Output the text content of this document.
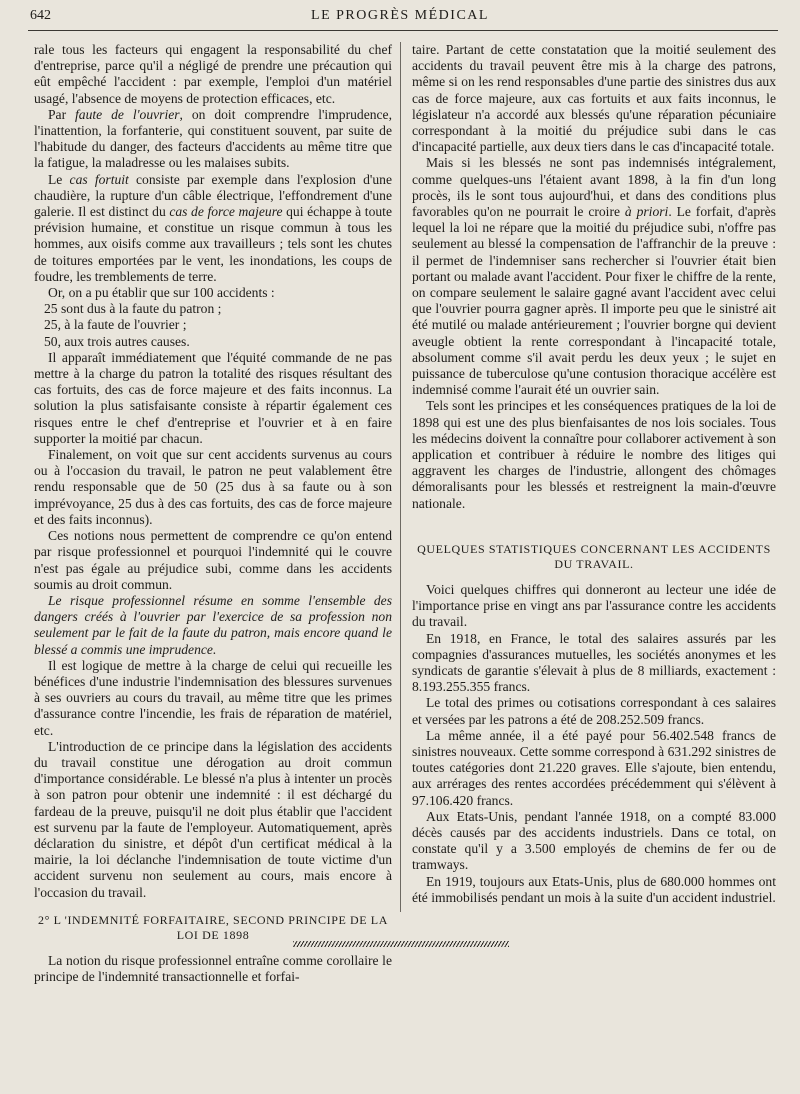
642	LE PROGRÈS MÉDICAL

rale tous les facteurs qui engagent la responsabilité du chef d'entreprise, parce qu'il a négligé de prendre une précaution qui eût empêché l'accident : par exemple, l'emploi d'un matériel usagé, l'absence de moyens de protection efficaces, etc.

Par faute de l'ouvrier, on doit comprendre l'imprudence, l'inattention, la forfanterie, qui constituent souvent, par suite de l'habitude du danger, des facteurs d'accidents au même titre que la fatigue, la maladresse ou les malaises subits.

Le cas fortuit consiste par exemple dans l'explosion d'une chaudière, la rupture d'un câble électrique, l'effondrement d'une galerie. Il est distinct du cas de force majeure qui échappe à toute prévision humaine, et constitue un risque commun à tous les hommes, aux oisifs comme aux travailleurs ; tels sont les chutes de toitures emportées par le vent, les inondations, les coups de foudre, les tremblements de terre.

Or, on a pu établir que sur 100 accidents :

25 sont dus à la faute du patron ;

25, à la faute de l'ouvrier ;

50, aux trois autres causes.

Il apparaît immédiatement que l'équité commande de ne pas mettre à la charge du patron la totalité des risques résultant des cas fortuits, des cas de force majeure et des faits inconnus. La solution la plus satisfaisante consiste à répartir également ces risques entre le chef d'entreprise et l'ouvrier et à en faire supporter la moitié par chacun.

Finalement, on voit que sur cent accidents survenus au cours ou à l'occasion du travail, le patron ne peut valablement être rendu responsable que de 50 (25 dus à sa faute ou à son imprévoyance, 25 dus à des cas fortuits, des cas de force majeure et des faits inconnus).

Ces notions nous permettent de comprendre ce qu'on entend par risque professionnel et pourquoi l'indemnité qui le couvre n'est pas égale au préjudice subi, comme dans les accidents soumis au droit commun.

Le risque professionnel résume en somme l'ensemble des dangers créés à l'ouvrier par l'exercice de sa profession non seulement par le fait de la faute du patron, mais encore quand le blessé a commis une imprudence.

Il est logique de mettre à la charge de celui qui recueille les bénéfices d'une industrie l'indemnisation des blessures survenues à ses ouvriers au cours du travail, au même titre que les primes d'assurance contre l'incendie, les frais de réparation de matériel, etc.

L'introduction de ce principe dans la législation des accidents du travail constitue une dérogation au droit commun d'importance considérable. Le blessé n'a plus à intenter un procès à son patron pour obtenir une indemnité : il est déchargé du fardeau de la preuve, puisqu'il ne doit plus établir que l'accident est survenu par la faute de l'employeur. Automatiquement, après déclaration du sinistre, et dépôt d'un certificat médical à la mairie, la loi déclanche l'indemnisation de toute victime d'un accident survenu non seulement au cours, mais encore à l'occasion du travail.

2° L 'INDEMNITÉ FORFAITAIRE, SECOND PRINCIPE DE LA LOI DE 1898

La notion du risque professionnel entraîne comme corollaire le principe de l'indemnité transactionnelle et forfai-

taire. Partant de cette constatation que la moitié seulement des accidents du travail peuvent être mis à la charge des patrons, même si on les rend responsables d'une partie des sinistres dus aux cas de force majeure, aux cas fortuits et aux faits inconnus, le législateur n'a accordé aux blessés qu'une réparation pécuniaire correspondant à la moitié du préjudice subi dans le cas d'incapacité partielle, aux deux tiers dans le cas d'incapacité totale.

Mais si les blessés ne sont pas indemnisés intégralement, comme quelques-uns l'étaient avant 1898, à la fin d'un long procès, ils le sont tous aujourd'hui, et dans des conditions plus favorables qu'on ne pourrait le croire à priori. Le forfait, d'après lequel la loi ne répare que la moitié du préjudice subi, n'offre pas seulement au blessé la compensation de l'affranchir de la preuve : il permet de l'indemniser sans rechercher si l'ouvrier était bien portant ou malade avant l'accident. Pour fixer le chiffre de la rente, on compare seulement le salaire gagné avant l'accident avec celui que l'ouvrier pourra gagner après. Il importe peu que le sinistré ait été mutilé ou malade antérieurement ; l'ouvrier borgne qui devient aveugle obtient la rente correspondant à l'incapacité totale, absolument comme s'il avait perdu les deux yeux ; le sujet en puissance de tuberculose qu'une contusion thoracique accélère est indemnisé comme l'aurait été un ouvrier sain.

Tels sont les principes et les conséquences pratiques de la loi de 1898 qui est une des plus bienfaisantes de nos lois sociales. Tous les médecins doivent la connaître pour collaborer activement à son application et contribuer à réduire le nombre des litiges qui aggravent les charges de l'industrie, allongent des chômages démoralisants pour les blessés et restreignent la main-d'œuvre nationale.

QUELQUES STATISTIQUES CONCERNANT LES ACCIDENTS DU TRAVAIL.

Voici quelques chiffres qui donneront au lecteur une idée de l'importance prise en vingt ans par l'assurance contre les accidents du travail.

En 1918, en France, le total des salaires assurés par les compagnies d'assurances mutuelles, les sociétés anonymes et les syndicats de garantie s'élevait à plus de 8 milliards, exactement : 8.193.255.355 francs.

Le total des primes ou cotisations correspondant à ces salaires et versées par les patrons a été de 208.252.509 francs.

La même année, il a été payé pour 56.402.548 francs de sinistres nouveaux. Cette somme correspond à 631.292 sinistres de toutes catégories dont 21.220 graves. Elle s'ajoute, bien entendu, aux arrérages des rentes accordées précédemment qui s'élèvent à 97.106.420 francs.

Aux Etats-Unis, pendant l'année 1918, on a compté 83.000 décès causés par des accidents industriels. Dans ce total, on constate qu'il y a 3.500 employés de chemins de fer ou de tramways.

En 1919, toujours aux Etats-Unis, plus de 680.000 hommes ont été immobilisés pendant un mois à la suite d'un accident industriel.
